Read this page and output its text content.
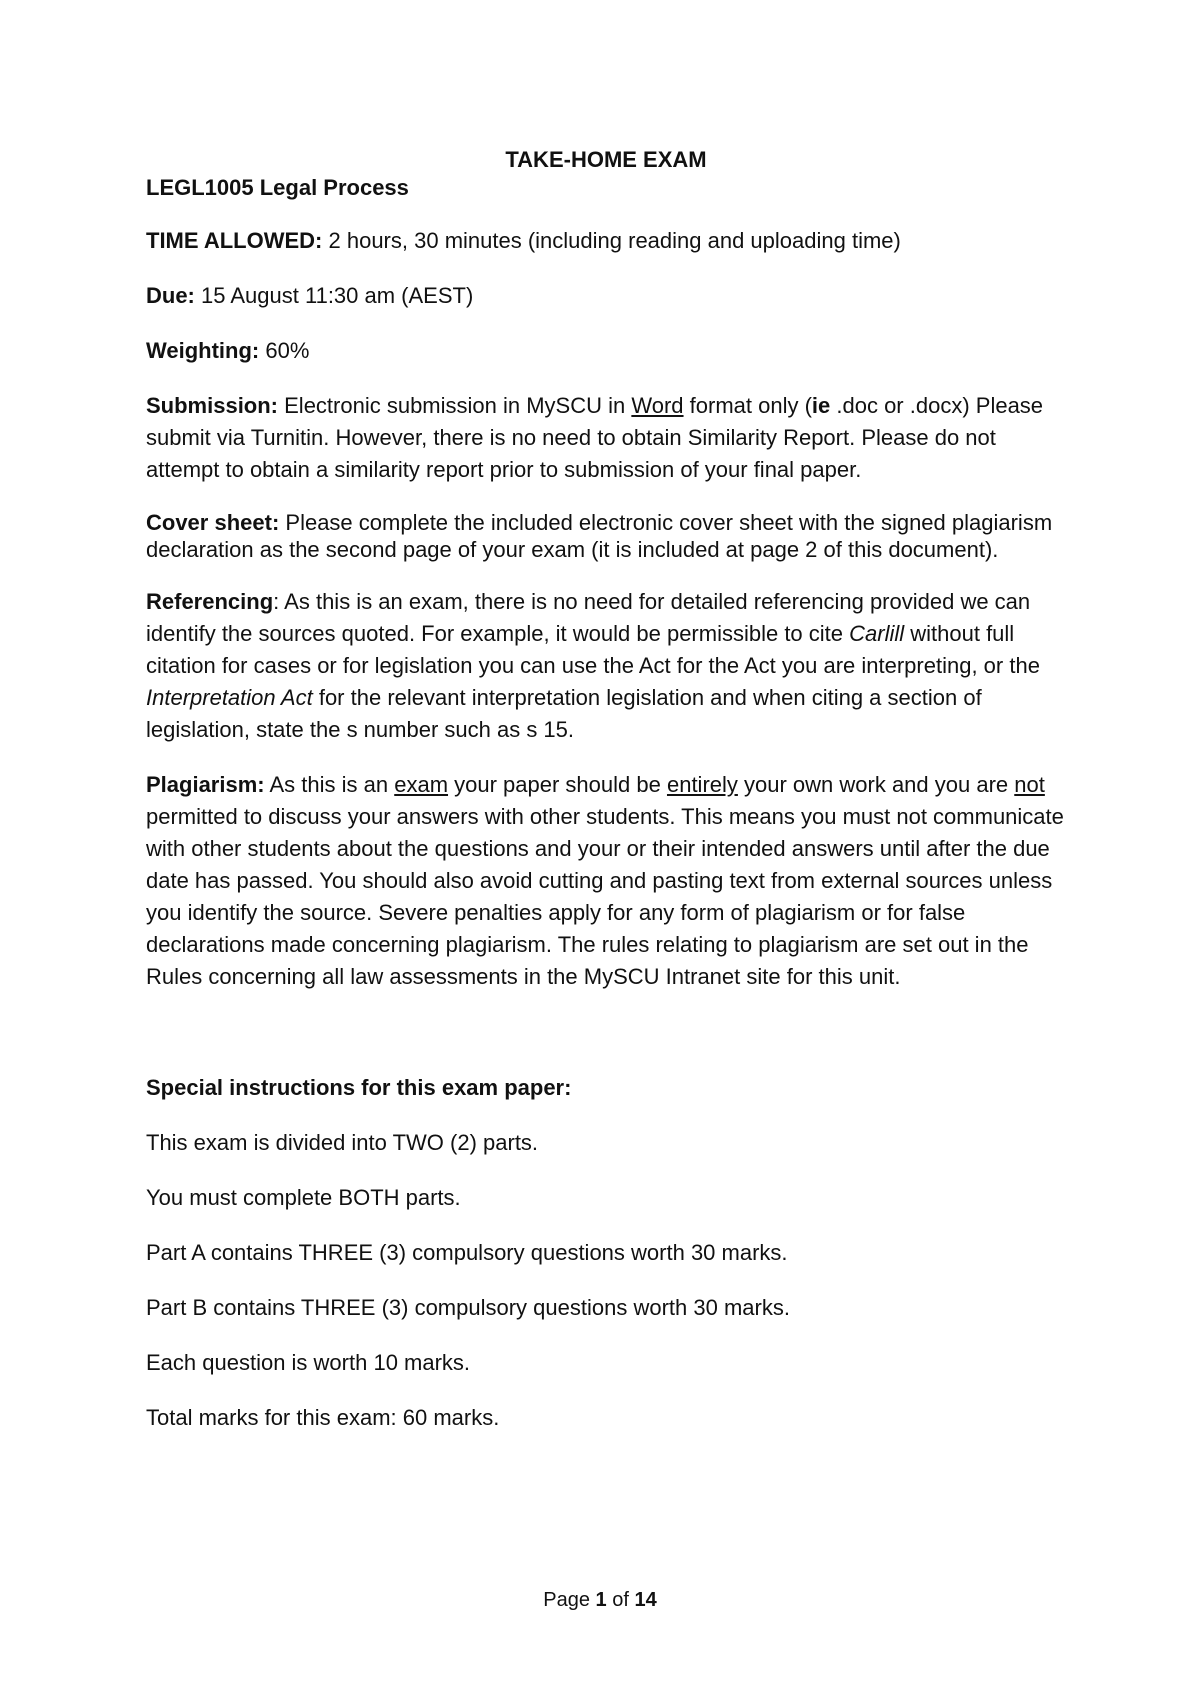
TAKE-HOME EXAM

LEGL1005 Legal Process

TIME ALLOWED: 2 hours, 30 minutes (including reading and uploading time)

Due: 15 August 11:30 am (AEST)

Weighting: 60%

Submission: Electronic submission in MySCU in Word format only (ie .doc or .docx) Please submit via Turnitin. However, there is no need to obtain Similarity Report. Please do not attempt to obtain a similarity report prior to submission of your final paper.

Cover sheet: Please complete the included electronic cover sheet with the signed plagiarism declaration as the second page of your exam (it is included at page 2 of this document).

Referencing: As this is an exam, there is no need for detailed referencing provided we can identify the sources quoted. For example, it would be permissible to cite Carlill without full citation for cases or for legislation you can use the Act for the Act you are interpreting, or the Interpretation Act for the relevant interpretation legislation and when citing a section of legislation, state the s number such as s 15.

Plagiarism: As this is an exam your paper should be entirely your own work and you are not permitted to discuss your answers with other students. This means you must not communicate with other students about the questions and your or their intended answers until after the due date has passed. You should also avoid cutting and pasting text from external sources unless you identify the source. Severe penalties apply for any form of plagiarism or for false declarations made concerning plagiarism. The rules relating to plagiarism are set out in the Rules concerning all law assessments in the MySCU Intranet site for this unit.

Special instructions for this exam paper:

This exam is divided into TWO (2) parts.

You must complete BOTH parts.

Part A contains THREE (3) compulsory questions worth 30 marks.

Part B contains THREE (3) compulsory questions worth 30 marks.

Each question is worth 10 marks.

Total marks for this exam: 60 marks.

Page 1 of 14
